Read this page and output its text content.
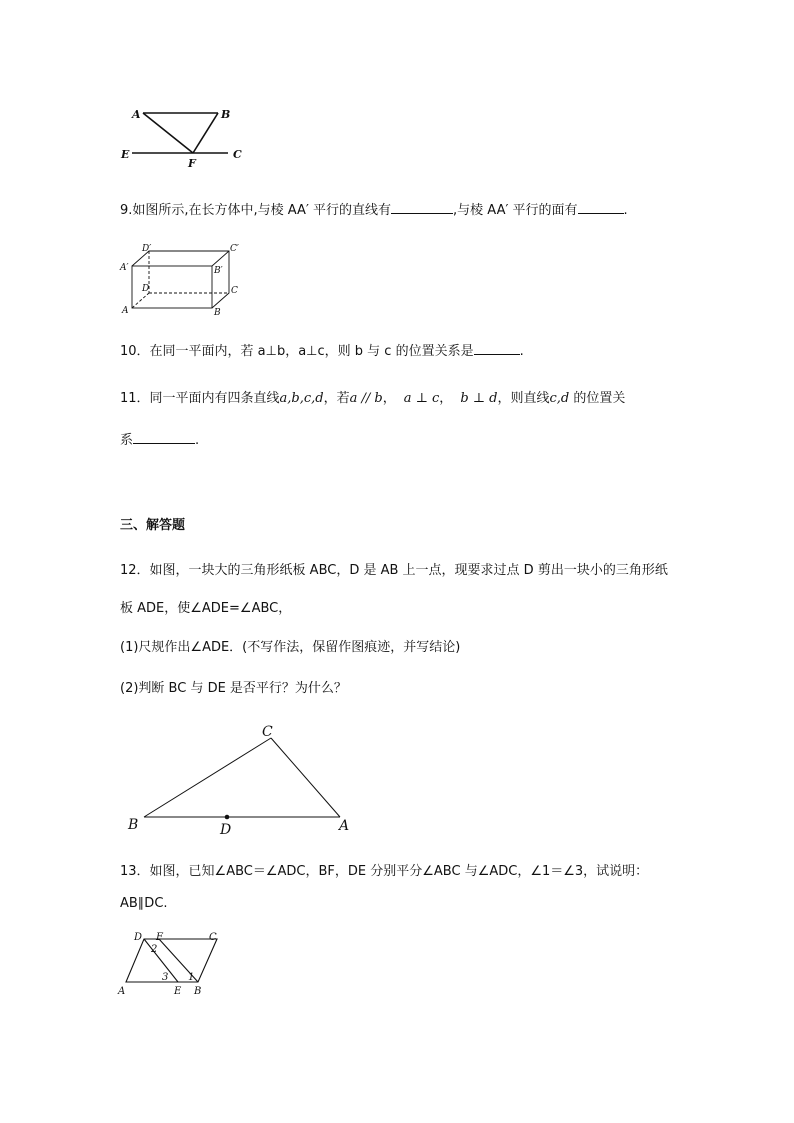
A	B
E	C
F
9.如图所示,在长方体中,与棱 AA′ 平行的直线有	,与棱 AA′ 平行的面有	.
D′	C′
A′	B′
D	C
A	B
10．在同一平面内，若 a⊥b，a⊥c，则 b 与 c 的位置关系是	.
11．同一平面内有四条直线a,b,c,d，若a // b， a ⊥ c， b ⊥ d，则直线c,d 的位置关
系	.
三、解答题
12．如图，一块大的三角形纸板 ABC，D 是 AB 上一点，现要求过点 D 剪出一块小的三角形纸
板 ADE，使∠ADE=∠ABC，
(1)尺规作出∠ADE．(不写作法，保留作图痕迹，并写结论)
(2)判断 BC 与 DE 是否平行？为什么？
C
B	D	A
13．如图，已知∠ABC＝∠ADC，BF，DE 分别平分∠ABC 与∠ADC，∠1＝∠3，试说明：
AB∥DC.
D F	C
2
3 1
A	E B
